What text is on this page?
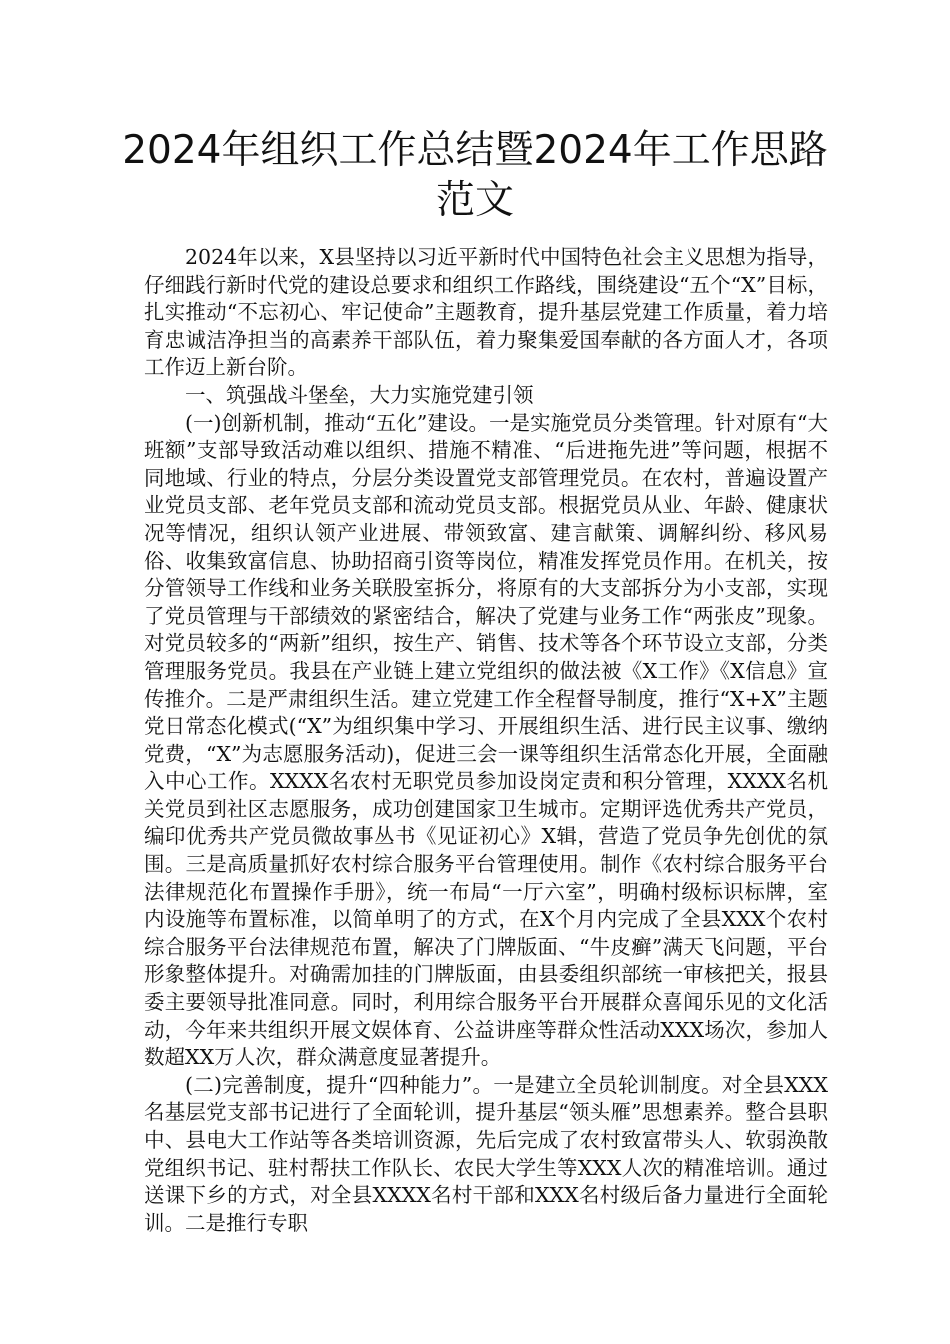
2024年组织工作总结暨2024年工作思路范文

2024年以来，X县坚持以习近平新时代中国特色社会主义思想为指导，仔细践行新时代党的建设总要求和组织工作路线，围绕建设“五个“X”目标，扎实推动“不忘初心、牢记使命”主题教育，提升基层党建工作质量，着力培育忠诚洁净担当的高素养干部队伍，着力聚集爱国奉献的各方面人才，各项工作迈上新台阶。

一、筑强战斗堡垒，大力实施党建引领

(一)创新机制，推动“五化”建设。一是实施党员分类管理。针对原有“大班额”支部导致活动难以组织、措施不精准、“后进拖先进”等问题，根据不同地域、行业的特点，分层分类设置党支部管理党员。在农村，普遍设置产业党员支部、老年党员支部和流动党员支部。根据党员从业、年龄、健康状况等情况，组织认领产业进展、带领致富、建言献策、调解纠纷、移风易俗、收集致富信息、协助招商引资等岗位，精准发挥党员作用。在机关，按分管领导工作线和业务关联股室拆分，将原有的大支部拆分为小支部，实现了党员管理与干部绩效的紧密结合，解决了党建与业务工作“两张皮”现象。对党员较多的“两新”组织，按生产、销售、技术等各个环节设立支部，分类管理服务党员。我县在产业链上建立党组织的做法被《X工作》《X信息》宣传推介。二是严肃组织生活。建立党建工作全程督导制度，推行“X+X”主题党日常态化模式(“X”为组织集中学习、开展组织生活、进行民主议事、缴纳党费，“X”为志愿服务活动)，促进三会一课等组织生活常态化开展，全面融入中心工作。XXXX名农村无职党员参加设岗定责和积分管理，XXXX名机关党员到社区志愿服务，成功创建国家卫生城市。定期评选优秀共产党员，编印优秀共产党员微故事丛书《见证初心》X辑，营造了党员争先创优的氛围。三是高质量抓好农村综合服务平台管理使用。制作《农村综合服务平台法律规范化布置操作手册》，统一布局“一厅六室”，明确村级标识标牌，室内设施等布置标准，以简单明了的方式，在X个月内完成了全县XXX个农村综合服务平台法律规范布置，解决了门牌版面、“牛皮癣”满天飞问题，平台形象整体提升。对确需加挂的门牌版面，由县委组织部统一审核把关，报县委主要领导批准同意。同时，利用综合服务平台开展群众喜闻乐见的文化活动，今年来共组织开展文娱体育、公益讲座等群众性活动XXX场次，参加人数超XX万人次，群众满意度显著提升。

(二)完善制度，提升“四种能力”。一是建立全员轮训制度。对全县XXX名基层党支部书记进行了全面轮训，提升基层“领头雁”思想素养。整合县职中、县电大工作站等各类培训资源，先后完成了农村致富带头人、软弱涣散党组织书记、驻村帮扶工作队长、农民大学生等XXX人次的精准培训。通过送课下乡的方式，对全县XXXX名村干部和XXX名村级后备力量进行全面轮训。二是推行专职
